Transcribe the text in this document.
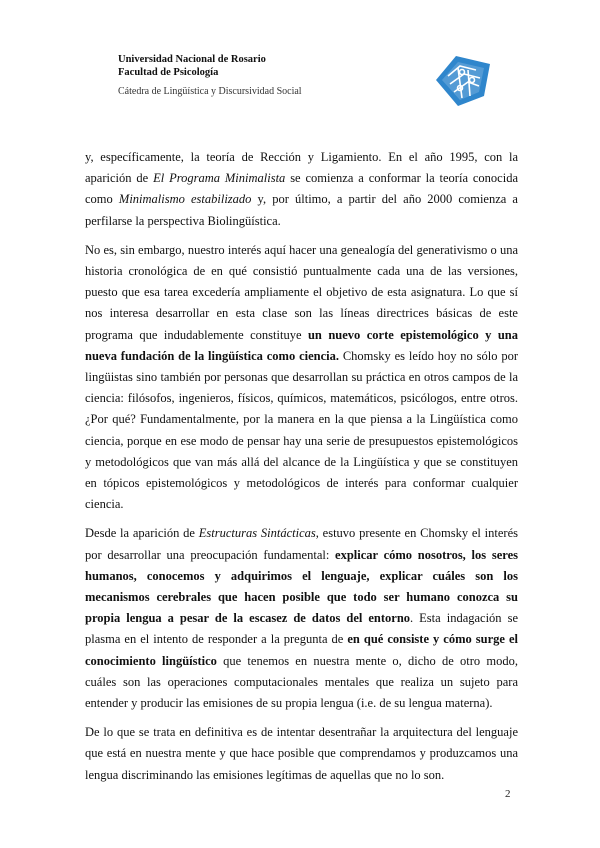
Universidad Nacional de Rosario
Facultad de Psicología
Cátedra de Lingüística y Discursividad Social

y, específicamente, la teoría de Rección y Ligamiento. En el año 1995, con la aparición de El Programa Minimalista se comienza a conformar la teoría conocida como Minimalismo estabilizado y, por último, a partir del año 2000 comienza a perfilarse la perspectiva Biolingüística.

No es, sin embargo, nuestro interés aquí hacer una genealogía del generativismo o una historia cronológica de en qué consistió puntualmente cada una de las versiones, puesto que esa tarea excedería ampliamente el objetivo de esta asignatura. Lo que sí nos interesa desarrollar en esta clase son las líneas directrices básicas de este programa que indudablemente constituye un nuevo corte epistemológico y una nueva fundación de la lingüística como ciencia. Chomsky es leído hoy no sólo por lingüistas sino también por personas que desarrollan su práctica en otros campos de la ciencia: filósofos, ingenieros, físicos, químicos, matemáticos, psicólogos, entre otros. ¿Por qué? Fundamentalmente, por la manera en la que piensa a la Lingüística como ciencia, porque en ese modo de pensar hay una serie de presupuestos epistemológicos y metodológicos que van más allá del alcance de la Lingüística y que se constituyen en tópicos epistemológicos y metodológicos de interés para conformar cualquier ciencia.

Desde la aparición de Estructuras Sintácticas, estuvo presente en Chomsky el interés por desarrollar una preocupación fundamental: explicar cómo nosotros, los seres humanos, conocemos y adquirimos el lenguaje, explicar cuáles son los mecanismos cerebrales que hacen posible que todo ser humano conozca su propia lengua a pesar de la escasez de datos del entorno. Esta indagación se plasma en el intento de responder a la pregunta de en qué consiste y cómo surge el conocimiento lingüístico que tenemos en nuestra mente o, dicho de otro modo, cuáles son las operaciones computacionales mentales que realiza un sujeto para entender y producir las emisiones de su propia lengua (i.e. de su lengua materna).

De lo que se trata en definitiva es de intentar desentrañar la arquitectura del lenguaje que está en nuestra mente y que hace posible que comprendamos y produzcamos una lengua discriminando las emisiones legítimas de aquellas que no lo son.

2
